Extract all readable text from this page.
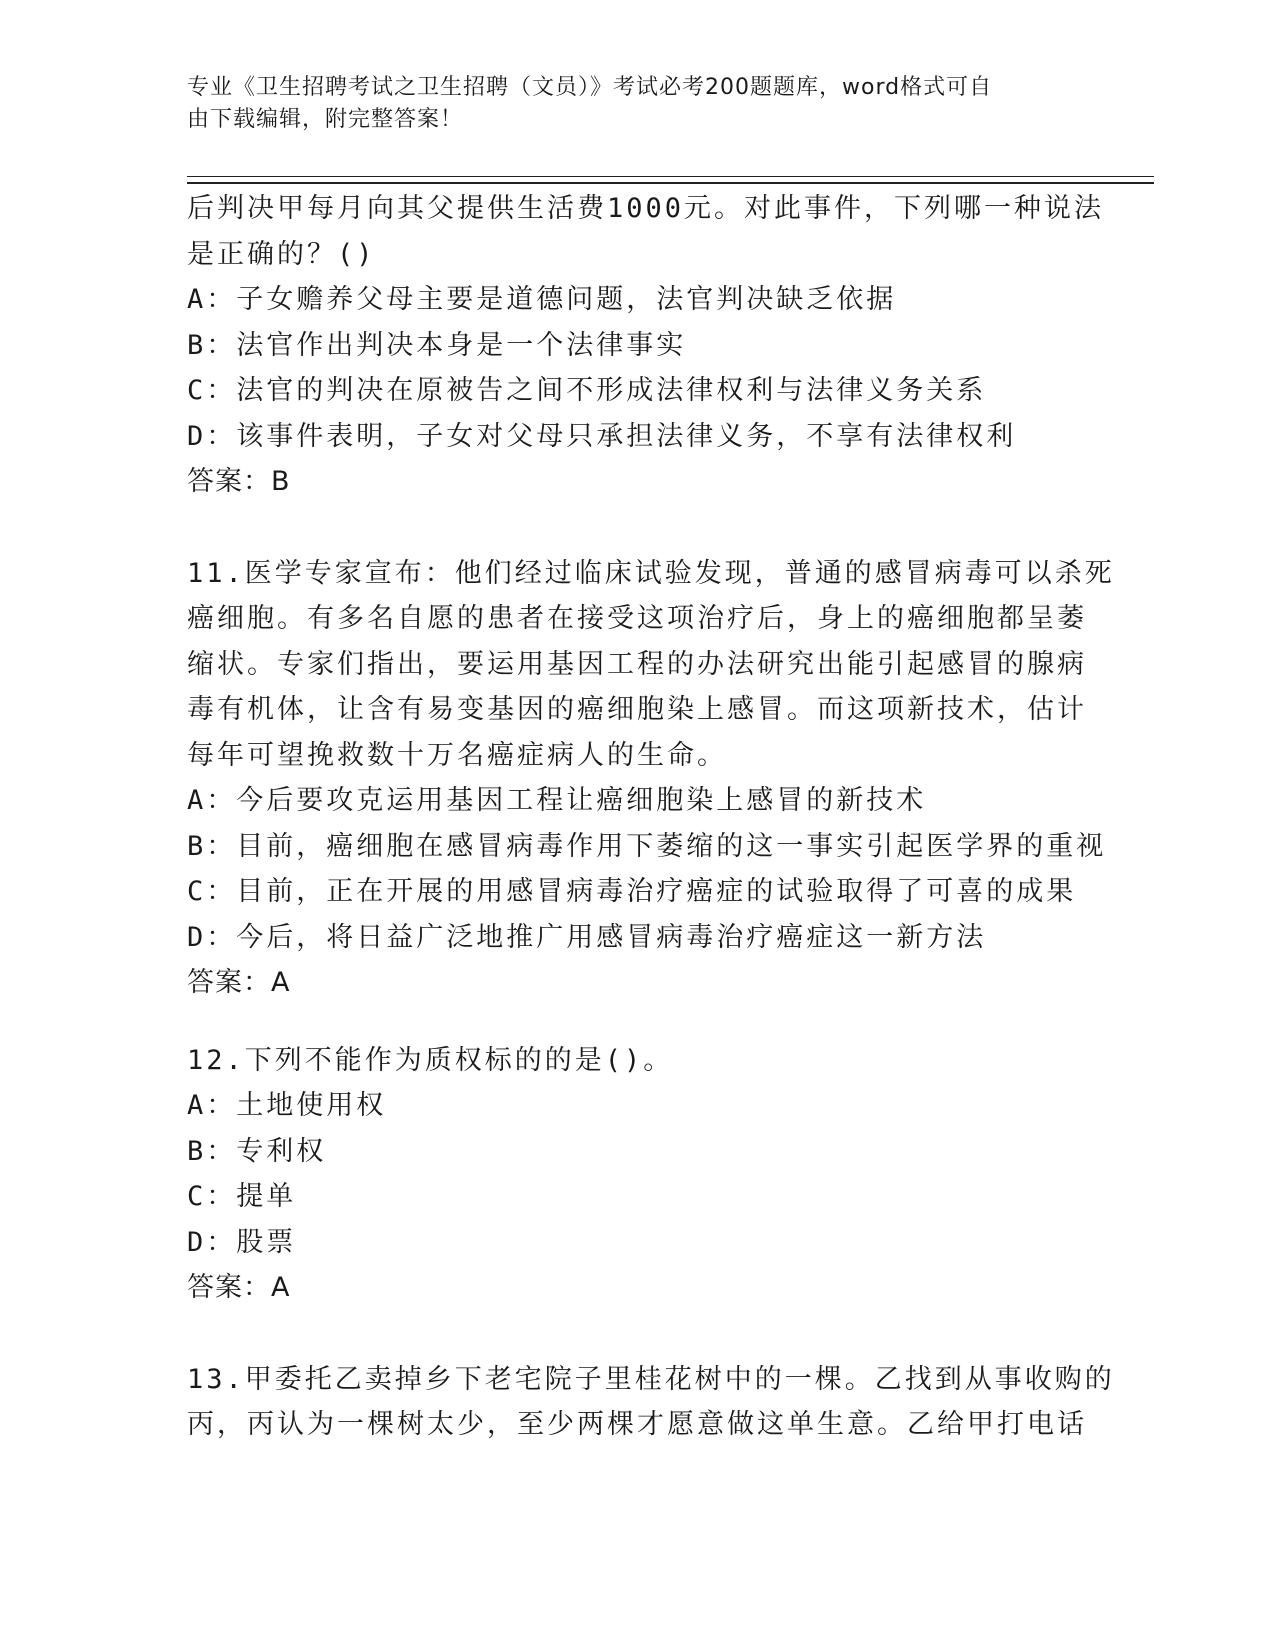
专业《卫生招聘考试之卫生招聘（文员）》考试必考200题题库，word格式可自
由下载编辑，附完整答案！
后判决甲每月向其父提供生活费1000元。对此事件，下列哪一种说法
是正确的？()
A：子女赡养父母主要是道德问题，法官判决缺乏依据
B：法官作出判决本身是一个法律事实
C：法官的判决在原被告之间不形成法律权利与法律义务关系
D：该事件表明，子女对父母只承担法律义务，不享有法律权利
答案：B
11.医学专家宣布：他们经过临床试验发现，普通的感冒病毒可以杀死
癌细胞。有多名自愿的患者在接受这项治疗后，身上的癌细胞都呈萎
缩状。专家们指出，要运用基因工程的办法研究出能引起感冒的腺病
毒有机体，让含有易变基因的癌细胞染上感冒。而这项新技术，估计
每年可望挽救数十万名癌症病人的生命。
A：今后要攻克运用基因工程让癌细胞染上感冒的新技术
B：目前，癌细胞在感冒病毒作用下萎缩的这一事实引起医学界的重视
C：目前，正在开展的用感冒病毒治疗癌症的试验取得了可喜的成果
D：今后，将日益广泛地推广用感冒病毒治疗癌症这一新方法
答案：A
12.下列不能作为质权标的的是()。
A：土地使用权
B：专利权
C：提单
D：股票
答案：A
13.甲委托乙卖掉乡下老宅院子里桂花树中的一棵。乙找到从事收购的
丙，丙认为一棵树太少，至少两棵才愿意做这单生意。乙给甲打电话
